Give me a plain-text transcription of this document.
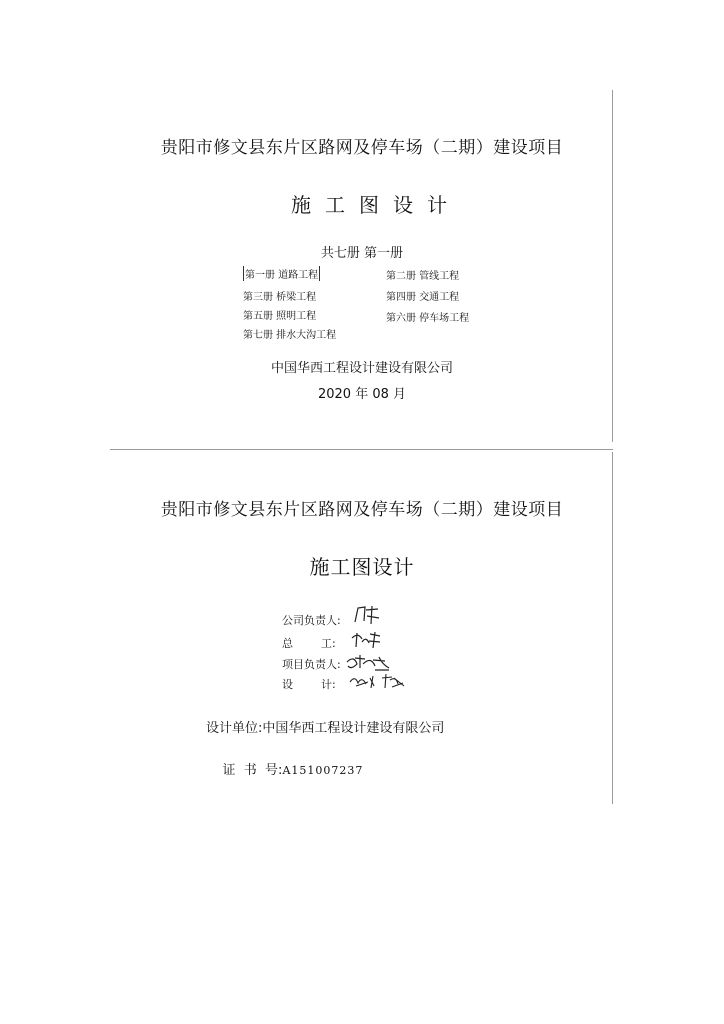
贵阳市修文县东片区路网及停车场（二期）建设项目
施工图设计
共七册 第一册
第一册 道路工程	第二册 管线工程
第三册 桥梁工程	第四册 交通工程
第五册 照明工程	第六册 停车场工程
第七册 排水大沟工程
中国华西工程设计建设有限公司
2020 年 08 月
贵阳市修文县东片区路网及停车场（二期）建设项目
施工图设计
公司负责人:
总        工:
项目负责人:
设        计:
设计单位:中国华西工程设计建设有限公司

证  书  号:A151007237
